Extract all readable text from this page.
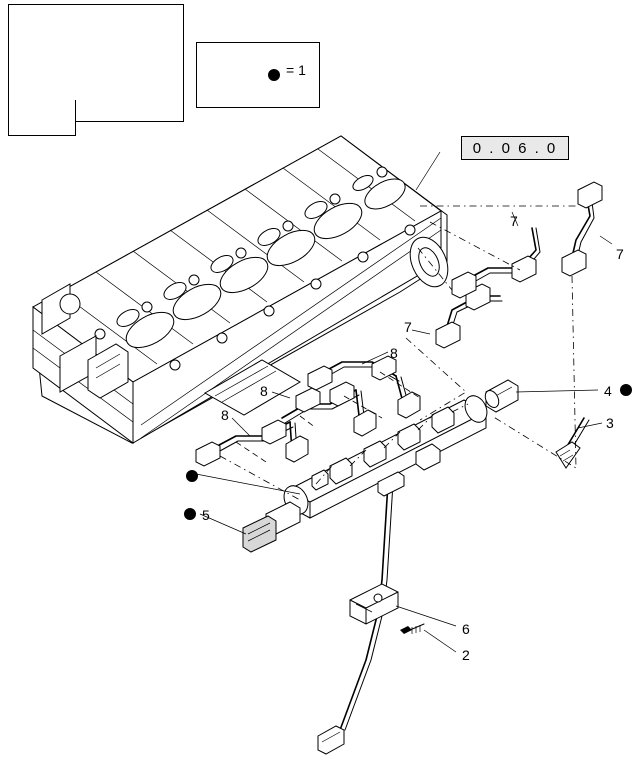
0 . 0 6 . 0
= 1
7
7
7
8
8
8
4
3
5
6
2
